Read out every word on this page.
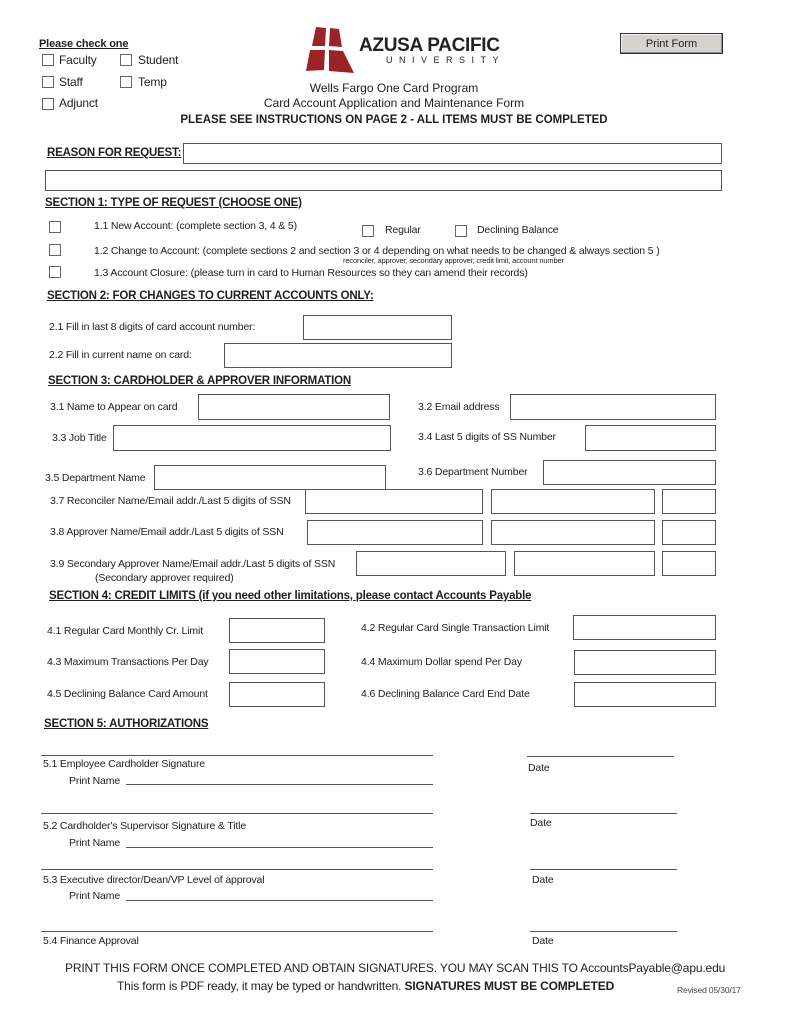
Please check one
Faculty	Student
Staff	Temp
Adjunct
AZUSA PACIFIC
UNIVERSITY
Print Form
Wells Fargo One Card Program
Card Account Application and Maintenance Form
PLEASE SEE INSTRUCTIONS ON PAGE 2 - ALL ITEMS MUST BE COMPLETED
REASON FOR REQUEST:
SECTION 1: TYPE OF REQUEST (CHOOSE ONE)
1.1 New Account: (complete section 3, 4 & 5)	Regular	Declining Balance
1.2 Change to Account: (complete sections 2 and section 3 or 4 depending on what needs to be changed & always section 5 )
reconciler, approver, secondary approver, credit limit, account number
1.3 Account Closure: (please turn in card to Human Resources so they can amend their records)
SECTION 2: FOR CHANGES TO CURRENT ACCOUNTS ONLY:
2.1 Fill in last 8 digits of card account number:
2.2 Fill in current name on card:
SECTION 3: CARDHOLDER & APPROVER INFORMATION
3.1 Name to Appear on card	3.2 Email address
3.3 Job Title	3.4 Last 5 digits of SS Number
3.5 Department Name	3.6 Department Number
3.7 Reconciler Name/Email addr./Last 5 digits of SSN
3.8 Approver Name/Email addr./Last 5 digits of SSN
3.9 Secondary Approver Name/Email addr./Last 5 digits of SSN
(Secondary approver required)
SECTION 4: CREDIT LIMITS (if you need other limitations, please contact Accounts Payable
4.1 Regular Card Monthly Cr. Limit	4.2 Regular Card Single Transaction Limit
4.3 Maximum Transactions Per Day	4.4 Maximum Dollar spend Per Day
4.5 Declining Balance Card Amount	4.6 Declining Balance Card End Date
SECTION 5: AUTHORIZATIONS
5.1 Employee Cardholder Signature	Date
Print Name
5.2 Cardholder's Supervisor Signature & Title	Date
Print Name
5.3 Executive director/Dean/VP Level of approval	Date
Print Name
5.4 Finance Approval	Date
PRINT THIS FORM ONCE COMPLETED AND OBTAIN SIGNATURES. YOU MAY SCAN THIS TO AccountsPayable@apu.edu
This form is PDF ready, it may be typed or handwritten. SIGNATURES MUST BE COMPLETED	Revised 05/30/17
